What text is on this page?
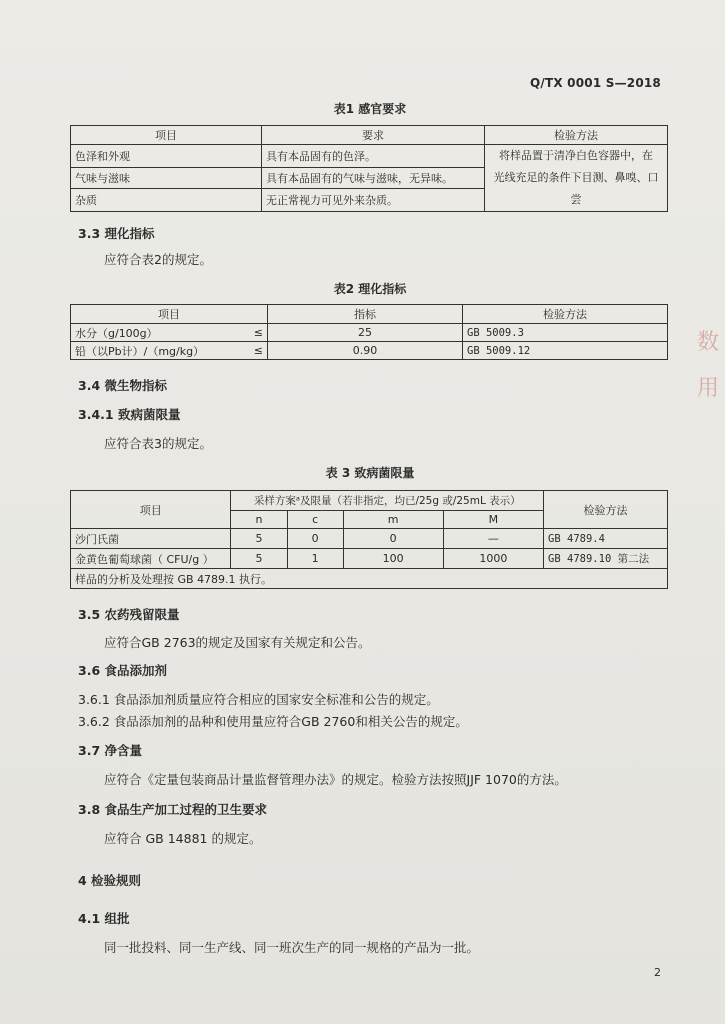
Q/TX 0001 S—2018
表1 感官要求
项目	要求	检验方法
色泽和外观	具有本品固有的色泽。	将样品置于清净白色容器中，在
光线充足的条件下目测、鼻嗅、口尝

气味与滋味	具有本品固有的气味与滋味，无异味。	
杂质	无正常视力可见外来杂质。	
3.3 理化指标
应符合表2的规定。
表2 理化指标
项目		指标	检验方法
水分（g/100g）	≤	25	GB 5009.3
铅（以Pb计）/（mg/kg）	≤	0.90	GB 5009.12
3.4 微生物指标
3.4.1 致病菌限量
应符合表3的规定。
表 3 致病菌限量
项目	采样方案ᵃ及限量（若非指定，均已/25g 或/25mL 表示）				检验方法
	n	c	m	M	
沙门氏菌	5	0	0	—	GB 4789.4
金黄色葡萄球菌（ CFU/g ）	5	1	100	1000	GB 4789.10 第二法
样品的分析及处理按 GB 4789.1 执行。					
3.5 农药残留限量
应符合GB 2763的规定及国家有关规定和公告。
3.6 食品添加剂
3.6.1 食品添加剂质量应符合相应的国家安全标准和公告的规定。
3.6.2 食品添加剂的品种和使用量应符合GB 2760和相关公告的规定。
3.7 净含量
应符合《定量包装商品计量监督管理办法》的规定。检验方法按照JJF 1070的方法。
3.8 食品生产加工过程的卫生要求
应符合 GB 14881 的规定。
4 检验规则
4.1 组批
同一批投料、同一生产线、同一班次生产的同一规格的产品为一批。
数 用
2
